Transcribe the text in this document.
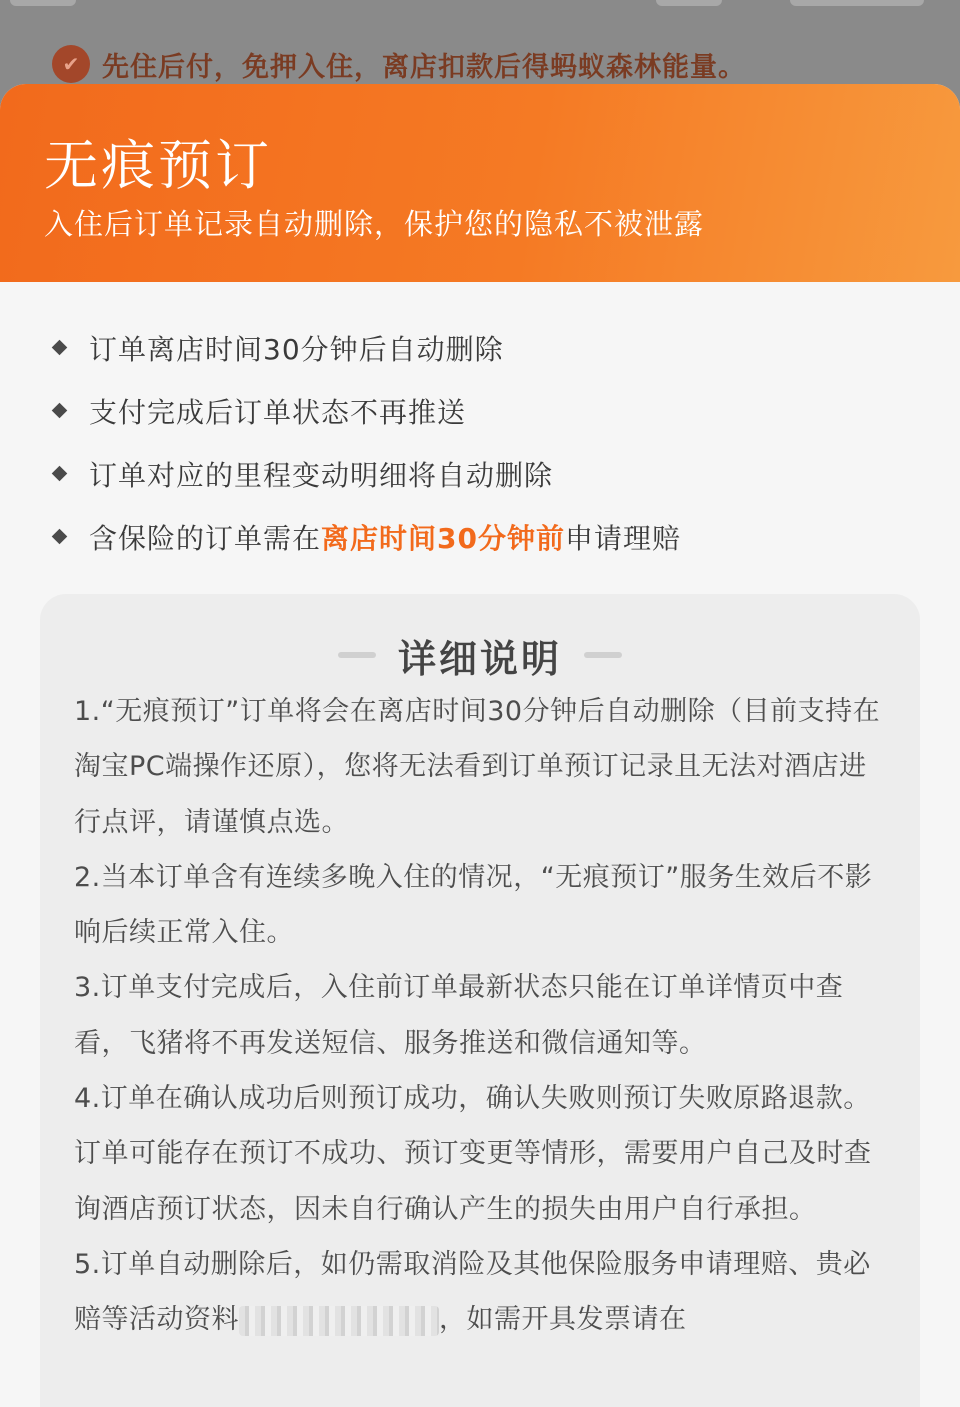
✔ 先住后付，免押入住，离店扣款后得蚂蚁森林能量。
无痕预订
入住后订单记录自动删除，保护您的隐私不被泄露
订单离店时间30分钟后自动删除
支付完成后订单状态不再推送
订单对应的里程变动明细将自动删除
含保险的订单需在离店时间30分钟前申请理赔
详细说明

1.“无痕预订”订单将会在离店时间30分钟后自动删除（目前支持在淘宝PC端操作还原），您将无法看到订单预订记录且无法对酒店进行点评，请谨慎点选。

2.当本订单含有连续多晚入住的情况，“无痕预订”服务生效后不影响后续正常入住。

3.订单支付完成后，入住前订单最新状态只能在订单详情页中查看，飞猪将不再发送短信、服务推送和微信通知等。

4.订单在确认成功后则预订成功，确认失败则预订失败原路退款。订单可能存在预订不成功、预订变更等情形，需要用户自己及时查询酒店预订状态，因未自行确认产生的损失由用户自行承担。

5.订单自动删除后，如仍需取消险及其他保险服务申请理赔、贵必赔等活动资料	，如需开具发票请在
